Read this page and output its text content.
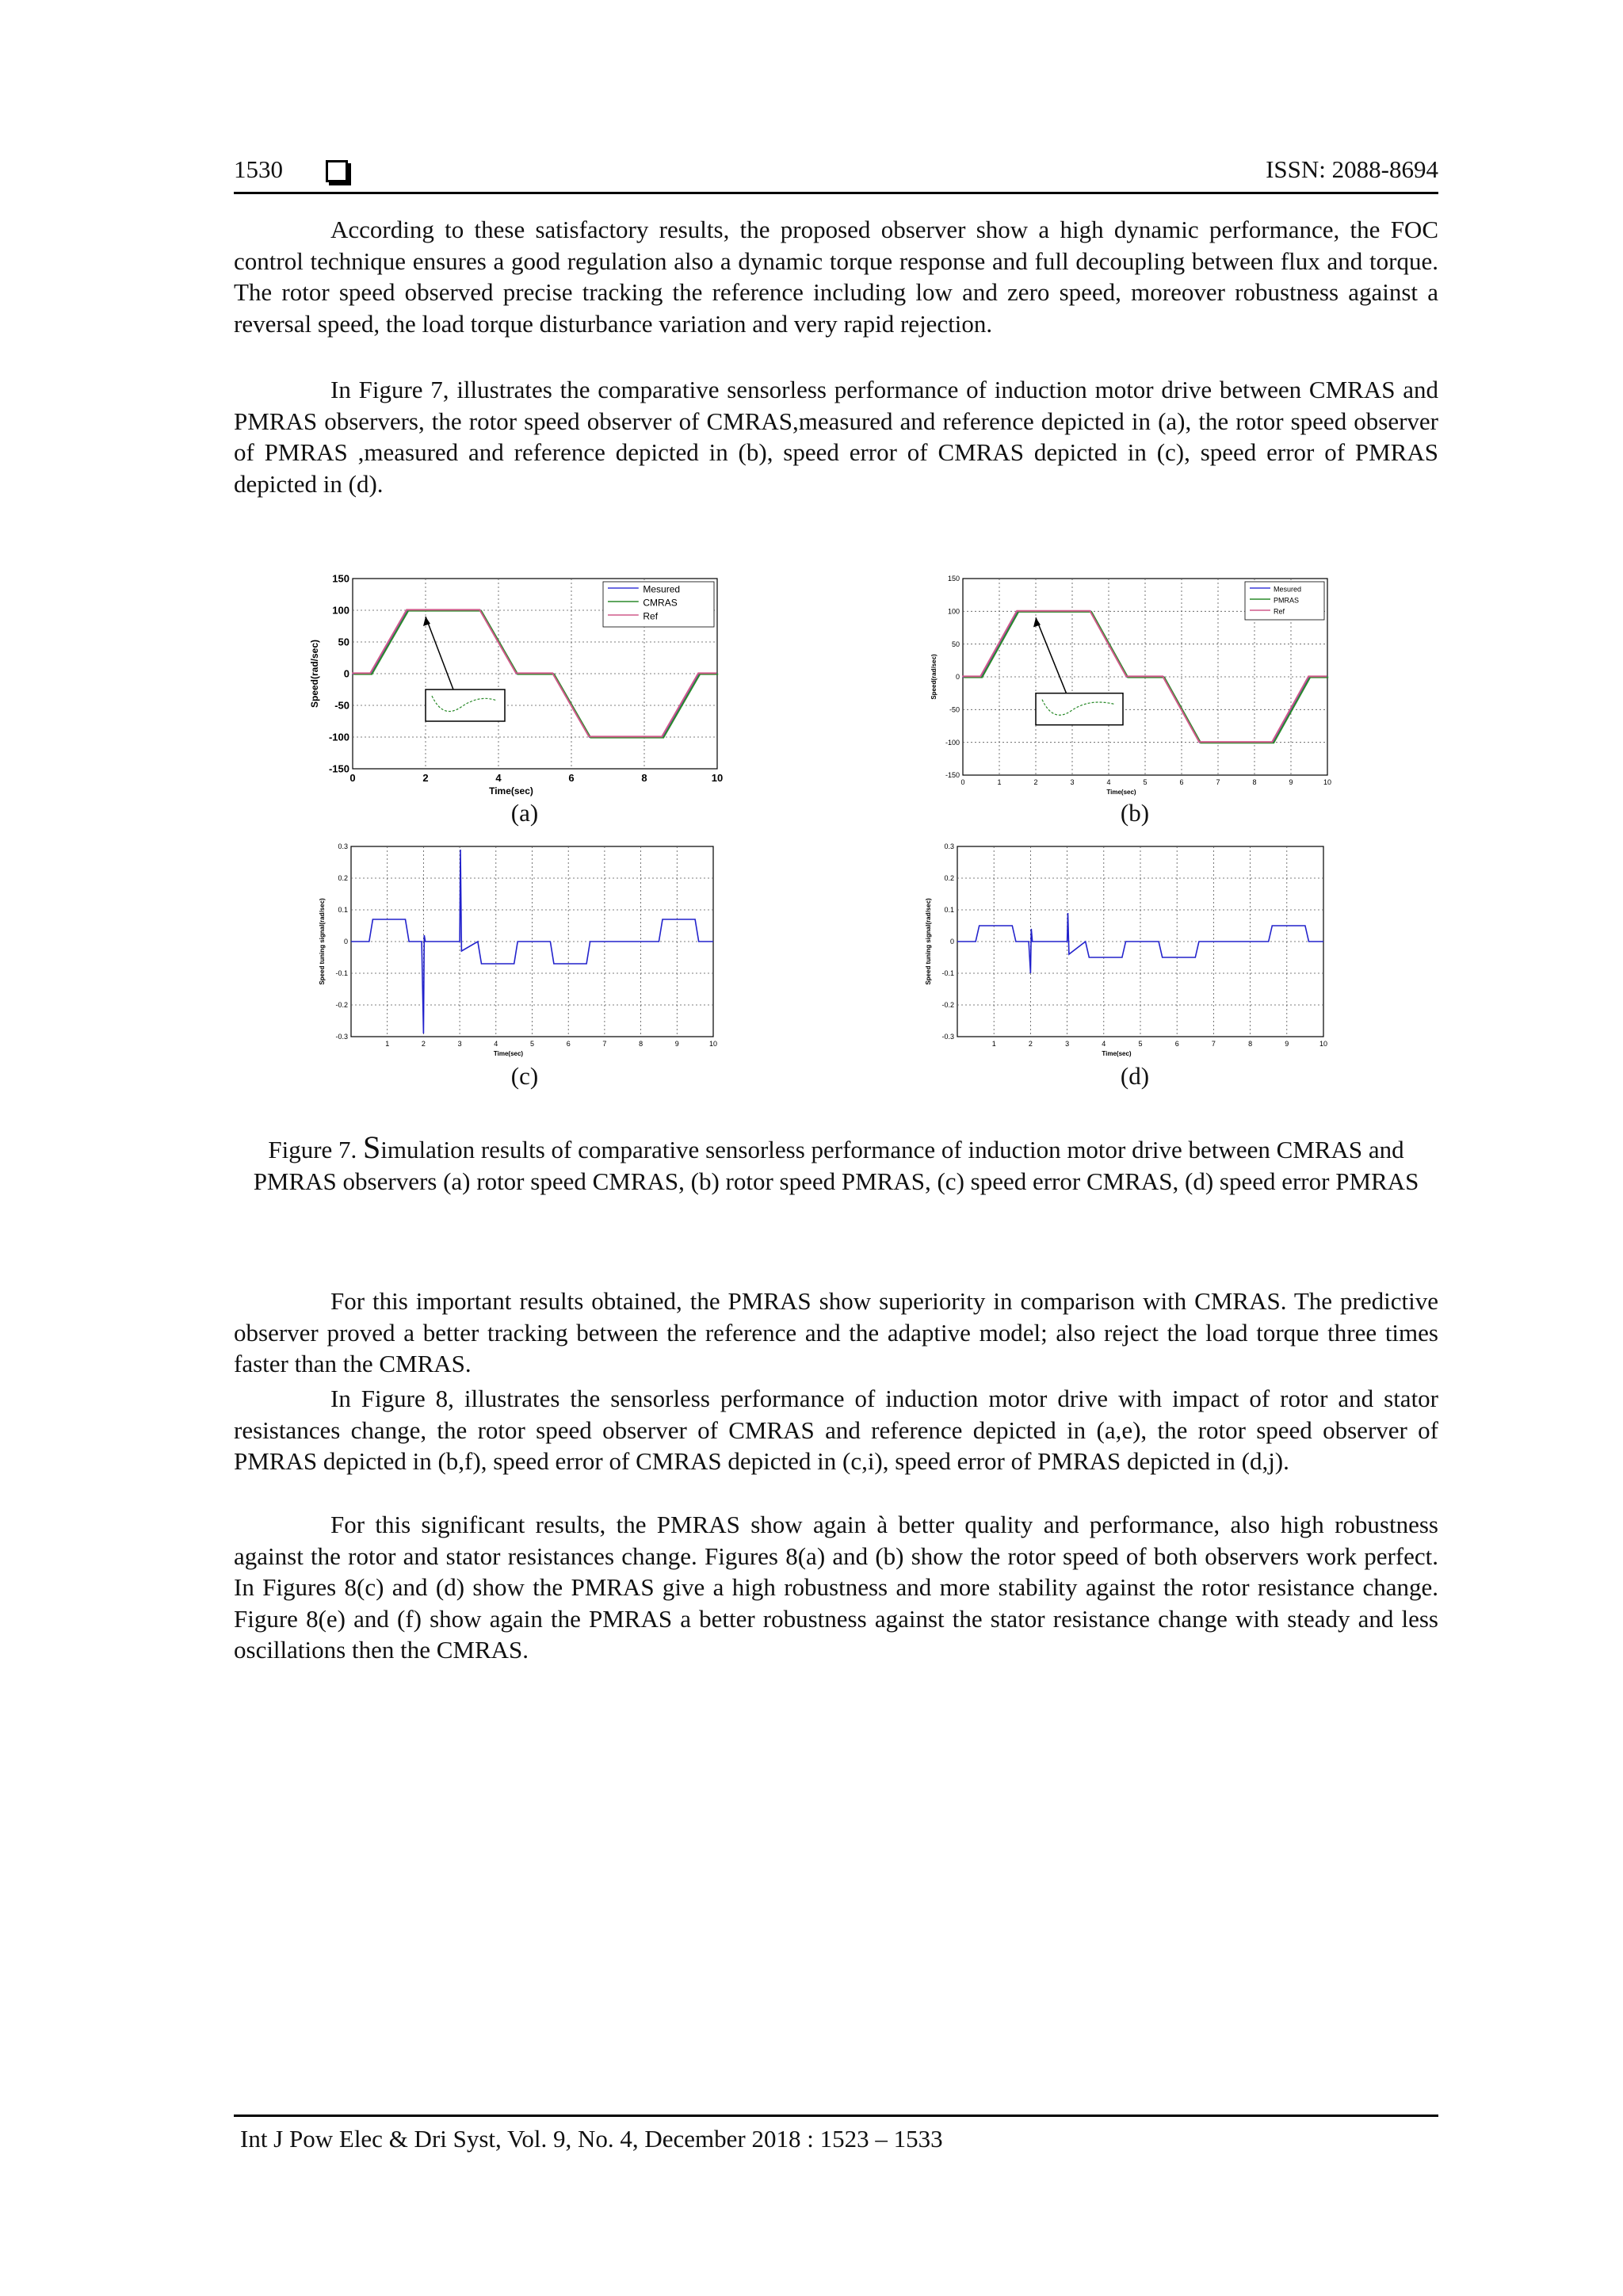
1530	ISSN: 2088-8694

According to these satisfactory results, the proposed observer show a high dynamic performance, the FOC control technique ensures a good regulation also a dynamic torque response and full decoupling between flux and torque. The rotor speed observed precise tracking the reference including low and zero speed, moreover robustness against a reversal speed, the load torque disturbance variation and very rapid rejection.

In Figure 7, illustrates the comparative sensorless performance of induction motor drive between CMRAS and PMRAS observers, the rotor speed observer of CMRAS,measured and reference depicted in (a), the rotor speed observer of PMRAS ,measured and reference depicted in (b), speed error of CMRAS depicted in (c), speed error of PMRAS depicted in (d).

0	2	4	6	8	10
-150
-100
-50
0
50
100
150
Time(sec)
Speed(rad/sec)
Mesured
CMRAS
Ref
0	1	2	3	4	5	6	7	8	9	10
-150
-100
-50
0
50
100
150
Time(sec)
Speed(rad/sec)
Mesured
PMRAS
Ref
1	2	3	4	5	6	7	8	9	10
-0.3
-0.2
-0.1
0
0.1
0.2
0.3
Time(sec)
Speed tuning signal(rad/sec)
1	2	3	4	5	6	7	8	9	10
-0.3
-0.2
-0.1
0
0.1
0.2
0.3
Time(sec)
Speed tuning signal(rad/sec)
(a)	(b)
(c)	(d)

Figure 7. Simulation results of comparative sensorless performance of induction motor drive between CMRAS and PMRAS observers (a) rotor speed CMRAS, (b) rotor speed PMRAS, (c) speed error CMRAS, (d) speed error PMRAS

For this important results obtained, the PMRAS show superiority in comparison with CMRAS. The predictive observer proved a better tracking between the reference and the adaptive model; also reject the load torque three times faster than the CMRAS.

In Figure 8, illustrates the sensorless performance of induction motor drive with impact of rotor and stator resistances change, the rotor speed observer of CMRAS and reference depicted in (a,e), the rotor speed observer of PMRAS depicted in (b,f), speed error of CMRAS depicted in (c,i), speed error of PMRAS depicted in (d,j).

For this significant results, the PMRAS show again à better quality and performance, also high robustness against the rotor and stator resistances change. Figures 8(a) and (b) show the rotor speed of both observers work perfect. In Figures 8(c) and (d) show the PMRAS give a high robustness and more stability against the rotor resistance change. Figure 8(e) and (f) show again the PMRAS a better robustness against the stator resistance change with steady and less oscillations then the CMRAS.

Int J Pow Elec & Dri Syst, Vol. 9, No. 4, December 2018 : 1523 – 1533
